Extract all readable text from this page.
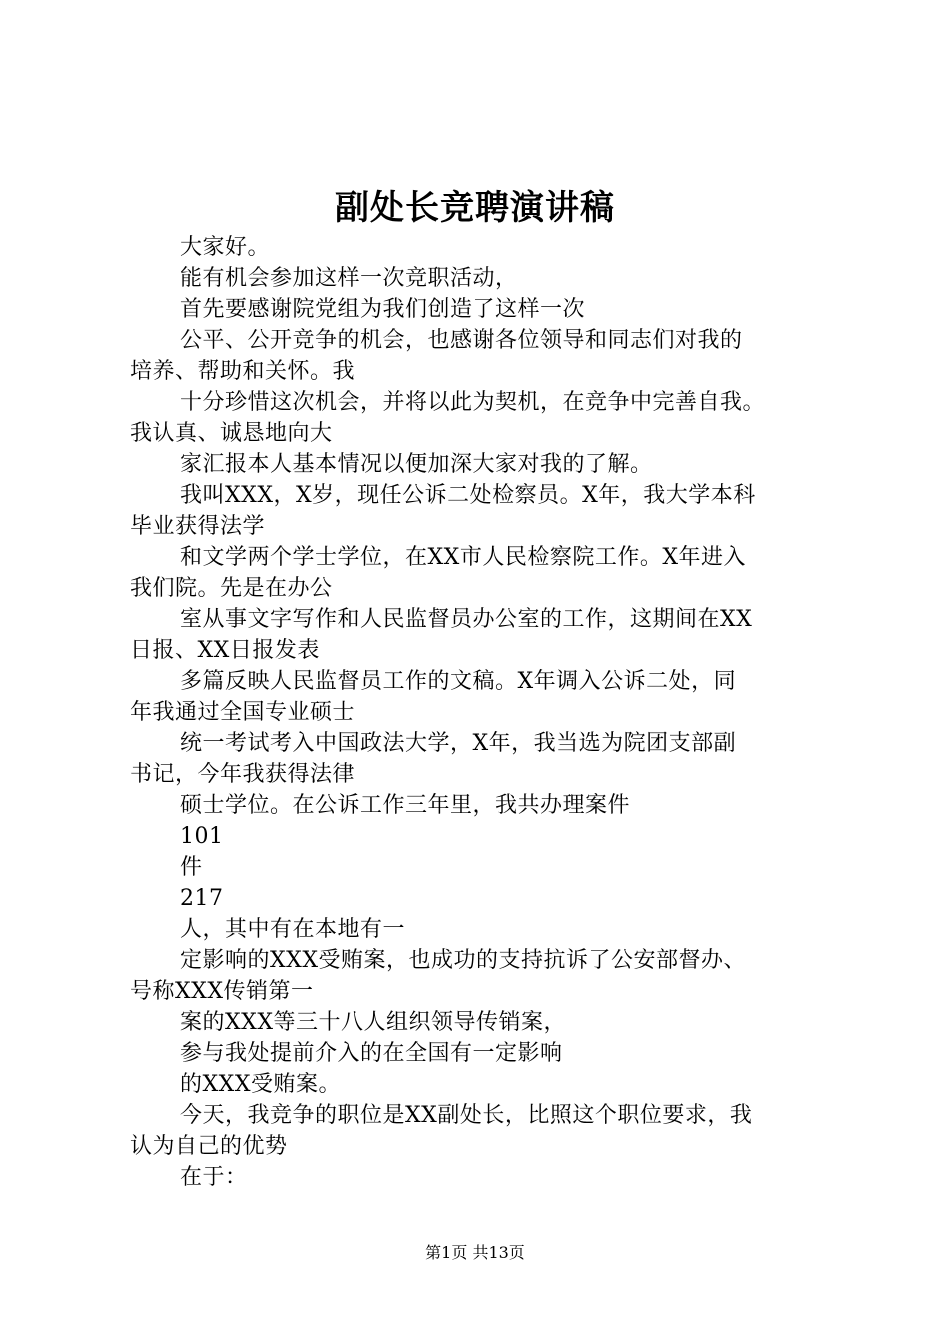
副处长竞聘演讲稿
大家好。
能有机会参加这样一次竞职活动，
首先要感谢院党组为我们创造了这样一次
公平、公开竞争的机会，也感谢各位领导和同志们对我的
培养、帮助和关怀。我
十分珍惜这次机会，并将以此为契机，在竞争中完善自我。
我认真、诚恳地向大
家汇报本人基本情况以便加深大家对我的了解。
我叫XXX，X岁，现任公诉二处检察员。X年，我大学本科
毕业获得法学
和文学两个学士学位，在XX市人民检察院工作。X年进入
我们院。先是在办公
室从事文字写作和人民监督员办公室的工作，这期间在XX
日报、XX日报发表
多篇反映人民监督员工作的文稿。X年调入公诉二处，同
年我通过全国专业硕士
统一考试考入中国政法大学，X年，我当选为院团支部副
书记，今年我获得法律
硕士学位。在公诉工作三年里，我共办理案件
101
件
217
人，其中有在本地有一
定影响的XXX受贿案，也成功的支持抗诉了公安部督办、
号称XXX传销第一
案的XXX等三十八人组织领导传销案，
参与我处提前介入的在全国有一定影响
的XXX受贿案。
今天，我竞争的职位是XX副处长，比照这个职位要求，我
认为自己的优势
在于：
第1页 共13页
